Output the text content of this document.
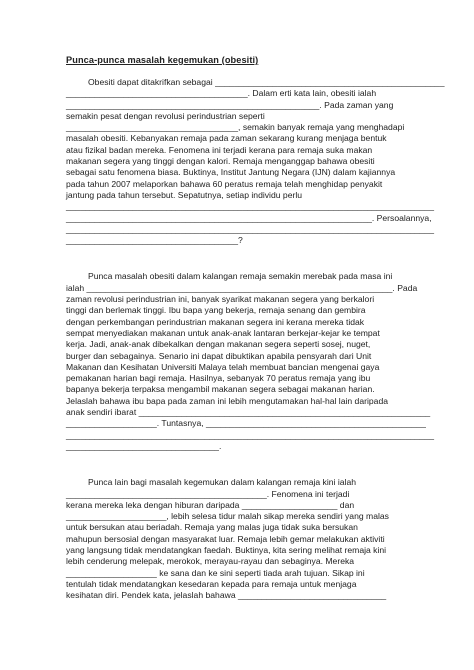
Punca-punca masalah kegemukan (obesiti)
Obesiti dapat ditakrifkan sebagai ________________________________________________
______________________________________. Dalam erti kata lain, obesiti ialah
_____________________________________________________. Pada zaman yang
semakin pesat dengan revolusi perindustrian seperti
____________________________________, semakin banyak remaja yang menghadapi
masalah obesiti. Kebanyakan remaja pada zaman sekarang kurang menjaga bentuk
atau fizikal badan mereka. Fenomena ini terjadi kerana para remaja suka makan
makanan segera yang tinggi dengan kalori. Remaja menganggap bahawa obesiti
sebagai satu fenomena biasa. Buktinya, Institut Jantung Negara (IJN) dalam kajiannya
pada tahun 2007 melaporkan bahawa 60 peratus remaja telah menghidap penyakit
jantung pada tahun tersebut. Sepatutnya, setiap individu perlu
_____________________________________________________________________________
________________________________________________________________. Persoalannya,
_____________________________________________________________________________
____________________________________?
Punca masalah obesiti dalam kalangan remaja semakin merebak pada masa ini
ialah ________________________________________________________________. Pada
zaman revolusi perindustrian ini, banyak syarikat makanan segera yang berkalori
tinggi dan berlemak tinggi. Ibu bapa yang bekerja, remaja senang dan gembira
dengan perkembangan perindustrian makanan segera ini kerana mereka tidak
sempat menyediakan makanan untuk anak-anak lantaran berkejar-kejar ke tempat
kerja. Jadi, anak-anak dibekalkan dengan makanan segera seperti sosej, nuget,
burger dan sebagainya. Senario ini dapat dibuktikan apabila pensyarah dari Unit
Makanan dan Kesihatan Universiti Malaya telah membuat bancian mengenai gaya
pemakanan harian bagi remaja. Hasilnya, sebanyak 70 peratus remaja yang ibu
bapanya bekerja terpaksa mengambil makanan segera sebagai makanan harian.
Jelaslah bahawa ibu bapa pada zaman ini lebih mengutamakan hal-hal lain daripada
anak sendiri ibarat _____________________________________________________________
___________________. Tuntasnya, ______________________________________________
_____________________________________________________________________________
________________________________.
Punca lain bagi masalah kegemukan dalam kalangan remaja kini ialah
__________________________________________. Fenomena ini terjadi
kerana mereka leka dengan hiburan daripada ____________________ dan
_____________________, lebih selesa tidur malah sikap mereka sendiri yang malas
untuk bersukan atau beriadah. Remaja yang malas juga tidak suka bersukan
mahupun bersosial dengan masyarakat luar. Remaja lebih gemar melakukan aktiviti
yang langsung tidak mendatangkan faedah. Buktinya, kita sering melihat remaja kini
lebih cenderung melepak, merokok, merayau-rayau dan sebaginya. Mereka
___________________ ke sana dan ke sini seperti tiada arah tujuan. Sikap ini
tentulah tidak mendatangkan kesedaran kepada para remaja untuk menjaga
kesihatan diri. Pendek kata, jelaslah bahawa _______________________________
